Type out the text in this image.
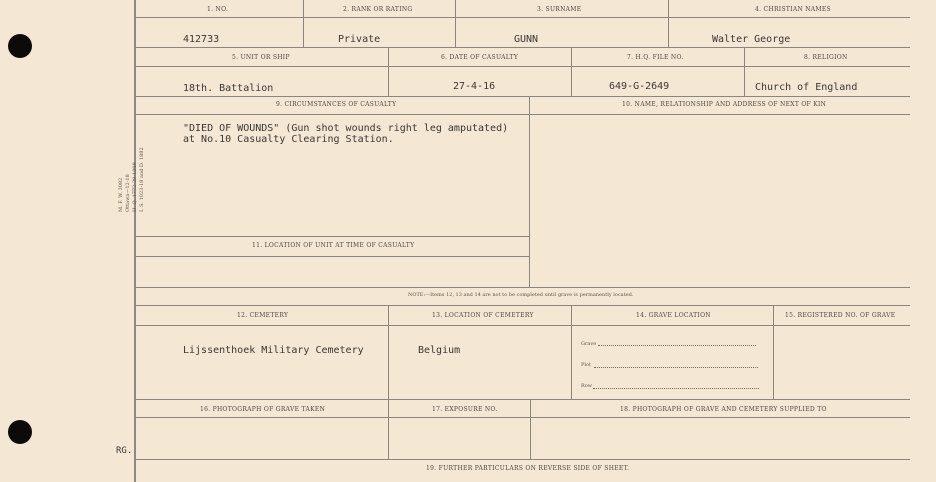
M. F. W. 3082 Ottawa—12-18 H. Q. 1772-39-1098 I. S. 1023-18 and D. 1882
RG.
1. NO.	2. RANK OR RATING	3. SURNAME	4. CHRISTIAN NAMES
412733	Private	GUNN	Walter George
5. UNIT OR SHIP	6. DATE OF CASUALTY	7. H.Q. FILE NO.	8. RELIGION
18th. Battalion	27-4-16	649-G-2649	Church of England
9. CIRCUMSTANCES OF CASUALTY	10. NAME, RELATIONSHIP AND ADDRESS OF NEXT OF KIN
"DIED OF WOUNDS" (Gun shot wounds right leg amputated)
at No.10 Casualty Clearing Station.
11. LOCATION OF UNIT AT TIME OF CASUALTY
NOTE:—Items 12, 13 and 14 are not to be completed until grave is permanently located.
12. CEMETERY	13. LOCATION OF CEMETERY	14. GRAVE LOCATION	15. REGISTERED NO. OF GRAVE
Lijssenthoek Military Cemetery	Belgium
Grave
Plot
Row
16. PHOTOGRAPH OF GRAVE TAKEN	17. EXPOSURE NO.	18. PHOTOGRAPH OF GRAVE AND CEMETERY SUPPLIED TO
19. FURTHER PARTICULARS ON REVERSE SIDE OF SHEET.
